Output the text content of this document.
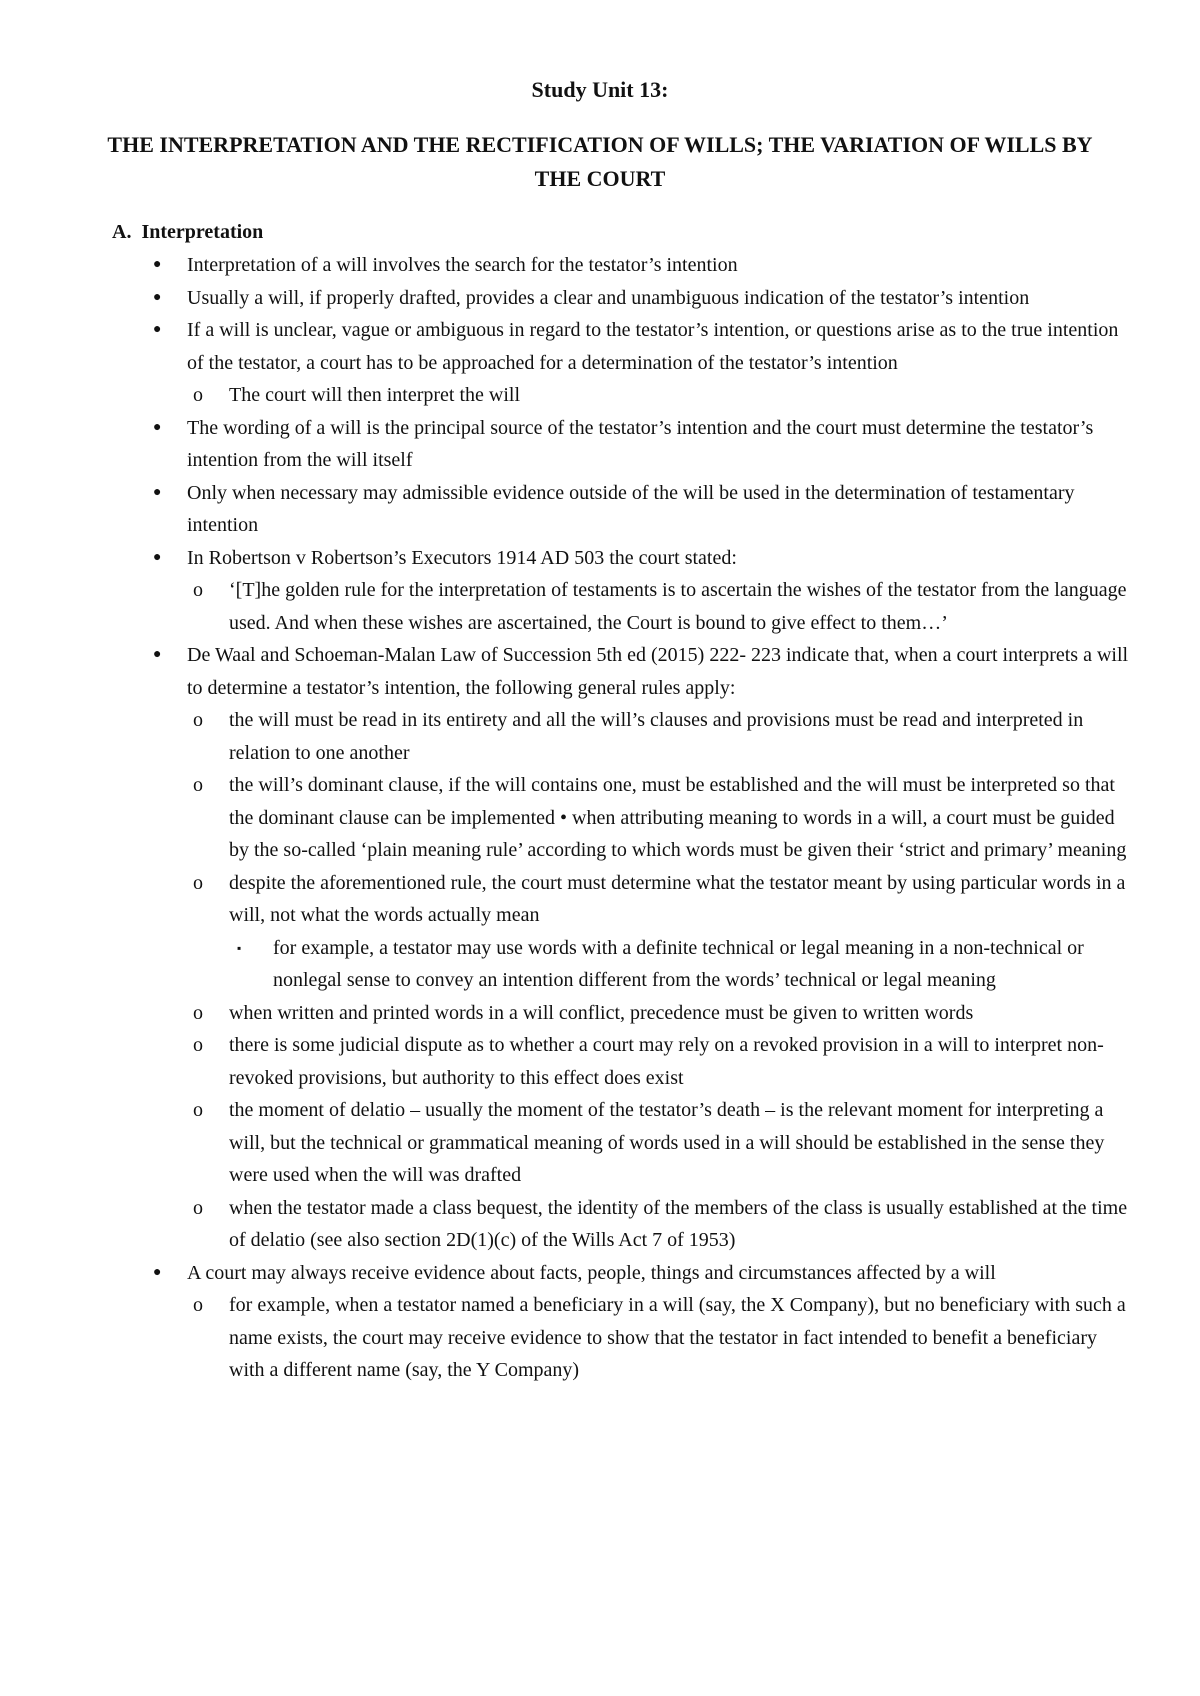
Study Unit 13:
THE INTERPRETATION AND THE RECTIFICATION OF WILLS; THE VARIATION OF WILLS BY THE COURT
A. Interpretation
● Interpretation of a will involves the search for the testator’s intention
● Usually a will, if properly drafted, provides a clear and unambiguous indication of the testator’s intention
● If a will is unclear, vague or ambiguous in regard to the testator’s intention, or questions arise as to the true intention of the testator, a court has to be approached for a determination of the testator’s intention
o The court will then interpret the will
● The wording of a will is the principal source of the testator’s intention and the court must determine the testator’s intention from the will itself
● Only when necessary may admissible evidence outside of the will be used in the determination of testamentary intention
● In Robertson v Robertson’s Executors 1914 AD 503 the court stated:
o ‘[T]he golden rule for the interpretation of testaments is to ascertain the wishes of the testator from the language used. And when these wishes are ascertained, the Court is bound to give effect to them…’
● De Waal and Schoeman-Malan Law of Succession 5th ed (2015) 222- 223 indicate that, when a court interprets a will to determine a testator’s intention, the following general rules apply:
o the will must be read in its entirety and all the will’s clauses and provisions must be read and interpreted in relation to one another
o the will’s dominant clause, if the will contains one, must be established and the will must be interpreted so that the dominant clause can be implemented • when attributing meaning to words in a will, a court must be guided by the so-called ‘plain meaning rule’ according to which words must be given their ‘strict and primary’ meaning
o despite the aforementioned rule, the court must determine what the testator meant by using particular words in a will, not what the words actually mean
▪ for example, a testator may use words with a definite technical or legal meaning in a non-technical or nonlegal sense to convey an intention different from the words’ technical or legal meaning
o when written and printed words in a will conflict, precedence must be given to written words
o there is some judicial dispute as to whether a court may rely on a revoked provision in a will to interpret non-revoked provisions, but authority to this effect does exist
o the moment of delatio – usually the moment of the testator’s death – is the relevant moment for interpreting a will, but the technical or grammatical meaning of words used in a will should be established in the sense they were used when the will was drafted
o when the testator made a class bequest, the identity of the members of the class is usually established at the time of delatio (see also section 2D(1)(c) of the Wills Act 7 of 1953)
● A court may always receive evidence about facts, people, things and circumstances affected by a will
o for example, when a testator named a beneficiary in a will (say, the X Company), but no beneficiary with such a name exists, the court may receive evidence to show that the testator in fact intended to benefit a beneficiary with a different name (say, the Y Company)
